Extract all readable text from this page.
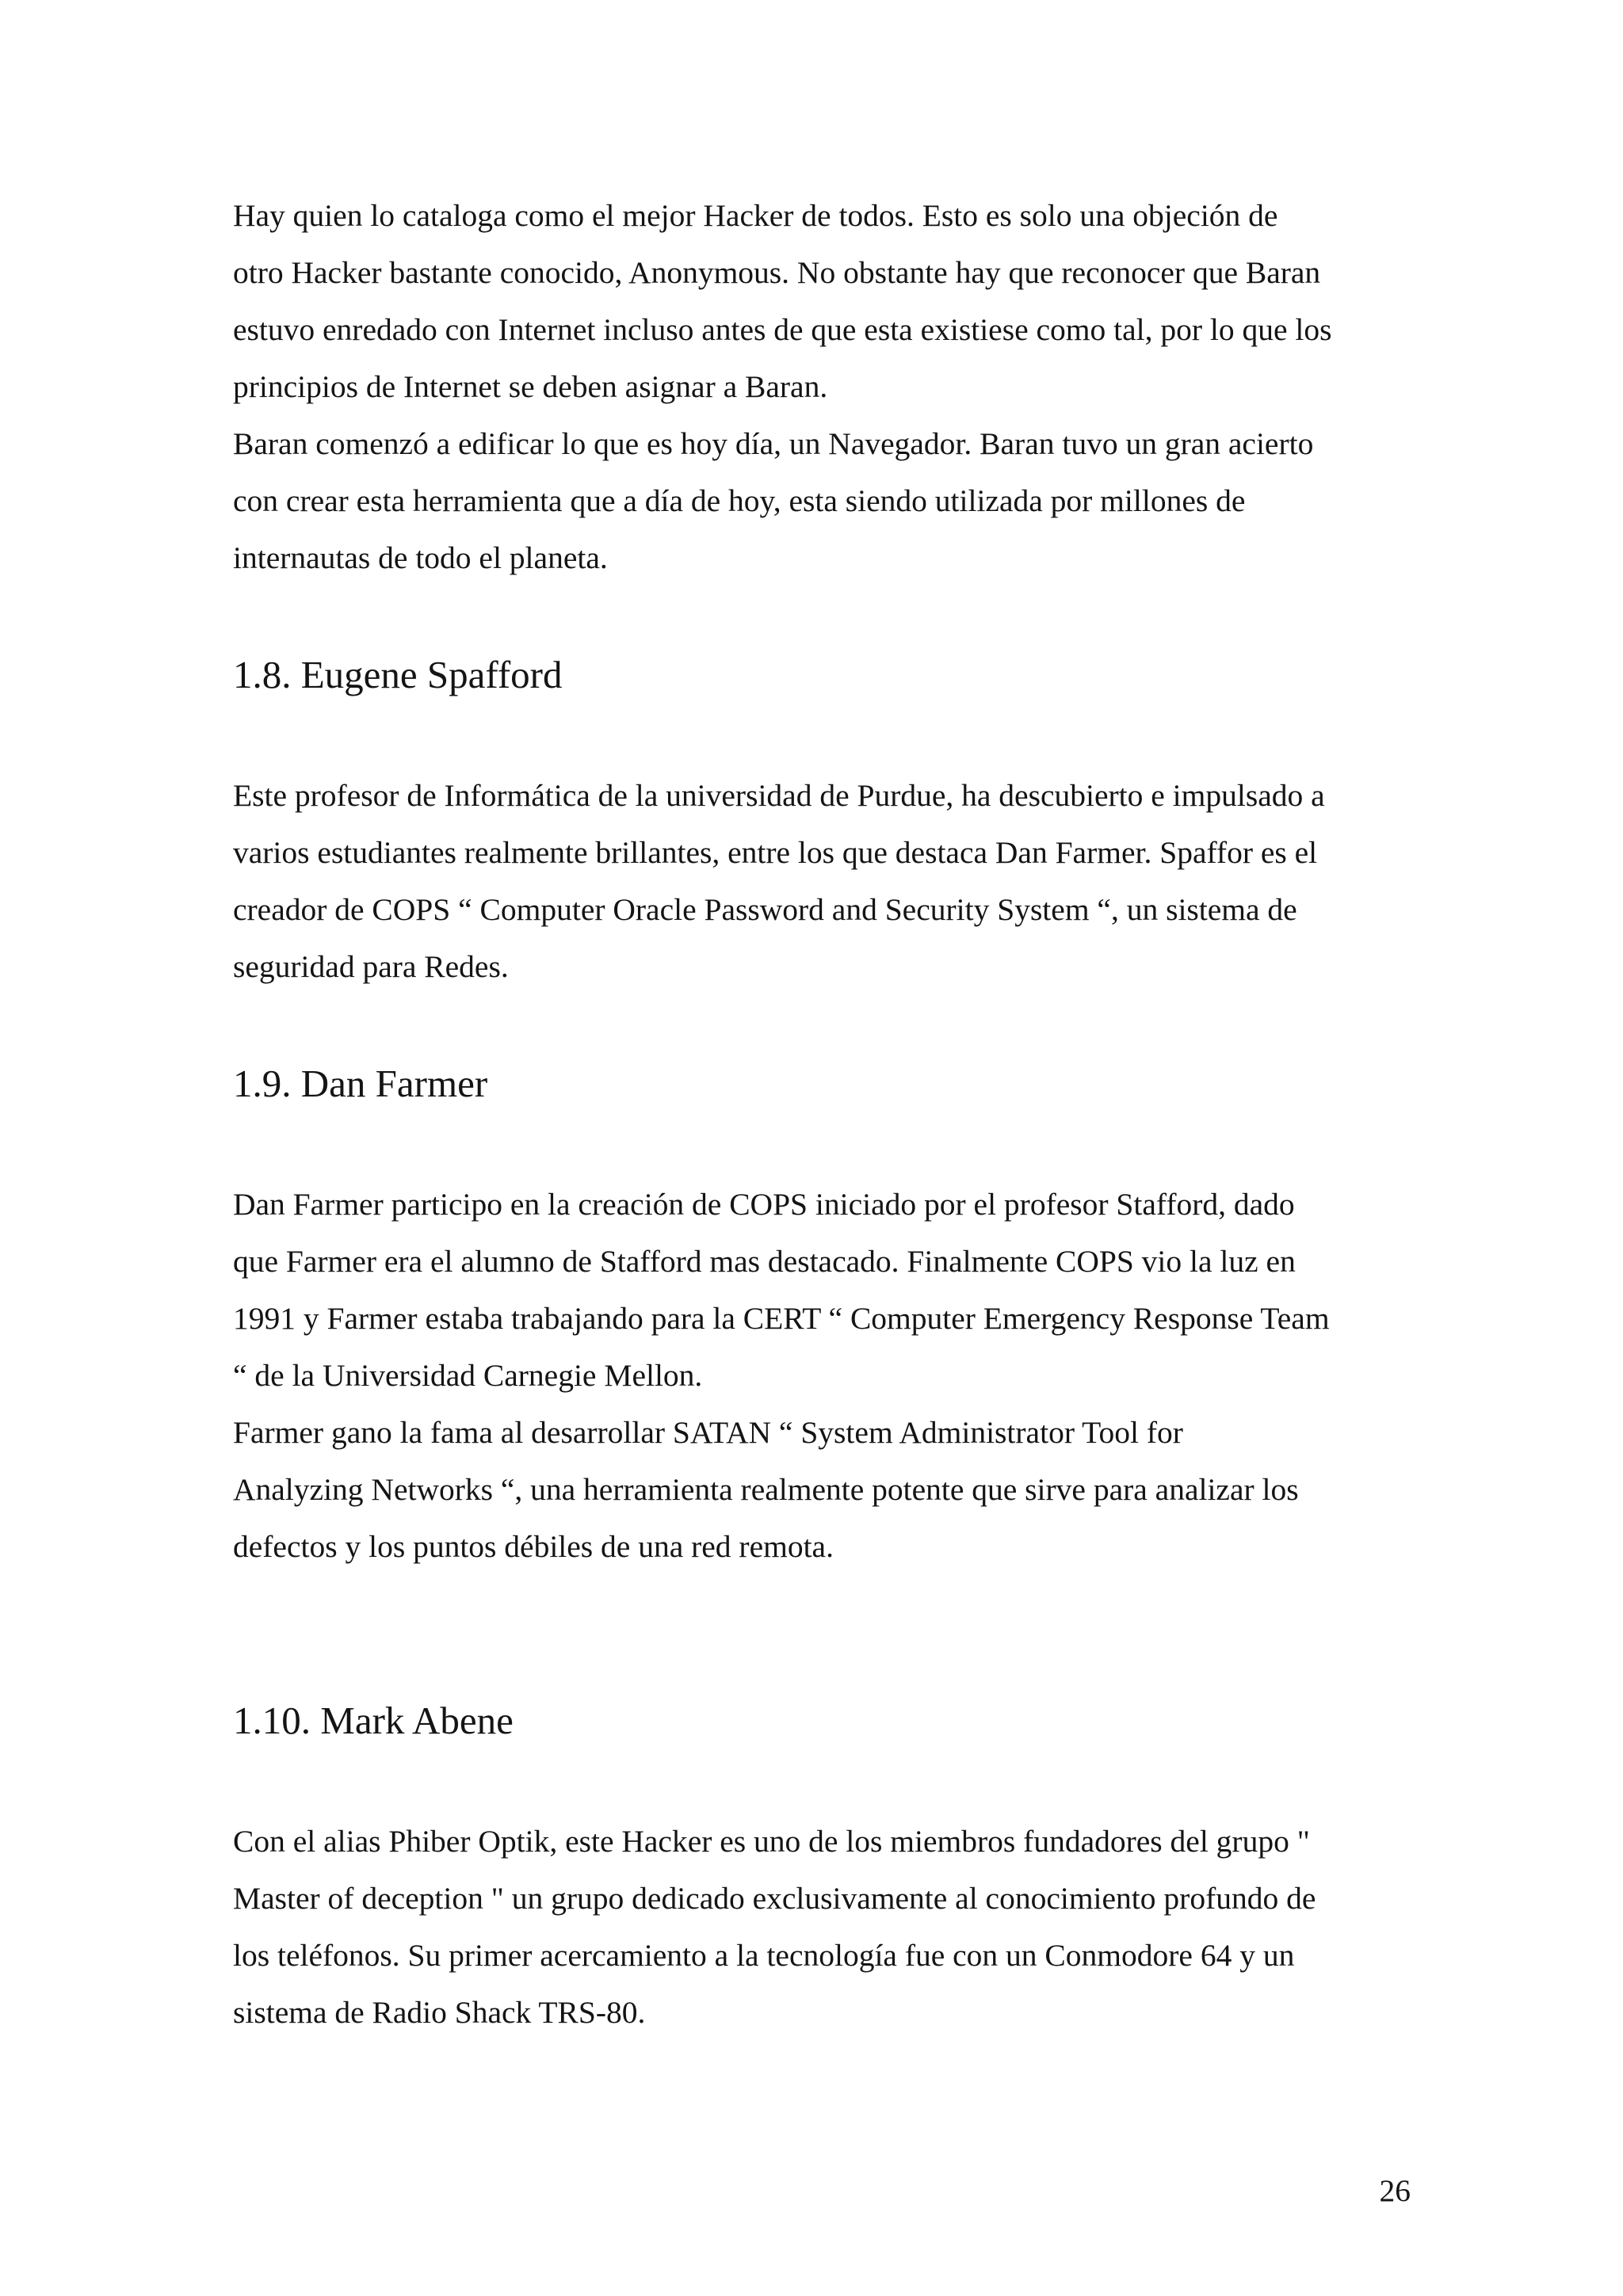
Hay quien lo cataloga como el mejor Hacker de todos. Esto es solo una objeción de
otro Hacker bastante conocido, Anonymous. No obstante hay que reconocer que Baran
estuvo enredado con Internet incluso antes de que esta existiese como tal, por lo que los
principios de Internet se deben asignar a Baran.
Baran comenzó a edificar lo que es hoy día, un Navegador. Baran tuvo un gran acierto
con crear esta herramienta que a día de hoy, esta siendo utilizada por millones de
internautas de todo el planeta.

1.8. Eugene Spafford

Este profesor de Informática de la universidad de Purdue, ha descubierto e impulsado a
varios estudiantes realmente brillantes, entre los que destaca Dan Farmer. Spaffor es el
creador de COPS “ Computer Oracle Password and Security System “, un sistema de
seguridad para Redes.

1.9. Dan Farmer

Dan Farmer participo en la creación de COPS iniciado por el profesor Stafford, dado
que Farmer era el alumno de Stafford mas destacado. Finalmente COPS vio la luz en
1991 y Farmer estaba trabajando para la CERT “ Computer Emergency Response Team
“ de la Universidad Carnegie Mellon.
Farmer gano la fama al desarrollar SATAN “ System Administrator Tool for
Analyzing Networks “, una herramienta realmente potente que sirve para analizar los
defectos y los puntos débiles de una red remota.

1.10. Mark Abene

Con el alias Phiber Optik, este Hacker es uno de los miembros fundadores del grupo "
Master of deception " un grupo dedicado exclusivamente al conocimiento profundo de
los teléfonos. Su primer acercamiento a la tecnología fue con un Conmodore 64 y un
sistema de Radio Shack TRS-80.

26
